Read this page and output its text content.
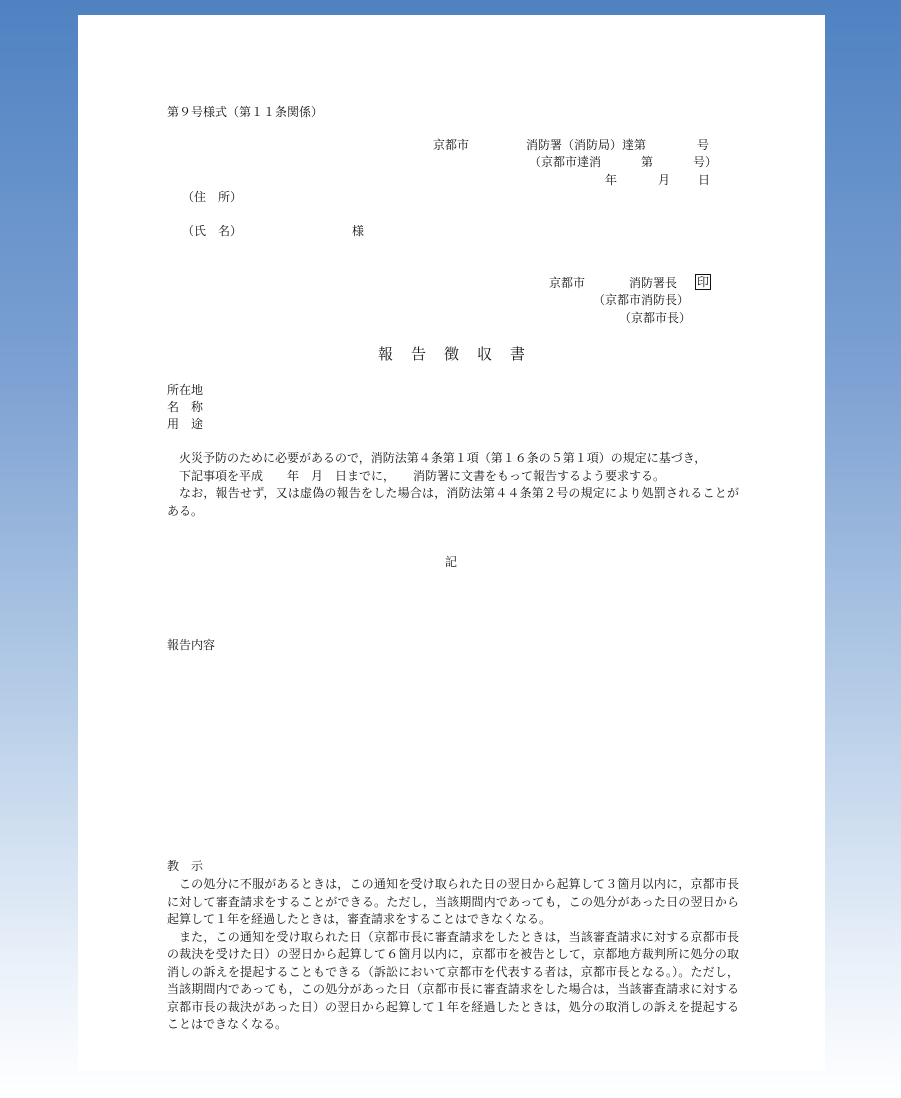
第９号様式（第１１条関係）
京都市	消防署（消防局）達第	号
（京都市達消	第	号）
年	月 日
（住　所）
（氏　名）	様
京都市	消防署長 印
（京都市消防長）
（京都市長）
報告徴収書
所在地
名　称
用　途

火災予防のために必要があるので，消防法第４条第１項（第１６条の５第１項）の規定に基づき，

下記事項を平成　　年　月　日までに，　　消防署に文書をもって報告するよう要求する。

なお，報告せず，又は虚偽の報告をした場合は，消防法第４４条第２号の規定により処罰されることがある。

記
報告内容
教　示

この処分に不服があるときは，この通知を受け取られた日の翌日から起算して３箇月以内に，京都市長に対して審査請求をすることができる。ただし，当該期間内であっても，この処分があった日の翌日から起算して１年を経過したときは，審査請求をすることはできなくなる。

また，この通知を受け取られた日（京都市長に審査請求をしたときは，当該審査請求に対する京都市長の裁決を受けた日）の翌日から起算して６箇月以内に，京都市を被告として，京都地方裁判所に処分の取消しの訴えを提起することもできる（訴訟において京都市を代表する者は，京都市長となる。）。ただし，当該期間内であっても，この処分があった日（京都市長に審査請求をした場合は，当該審査請求に対する京都市長の裁決があった日）の翌日から起算して１年を経過したときは，処分の取消しの訴えを提起することはできなくなる。
